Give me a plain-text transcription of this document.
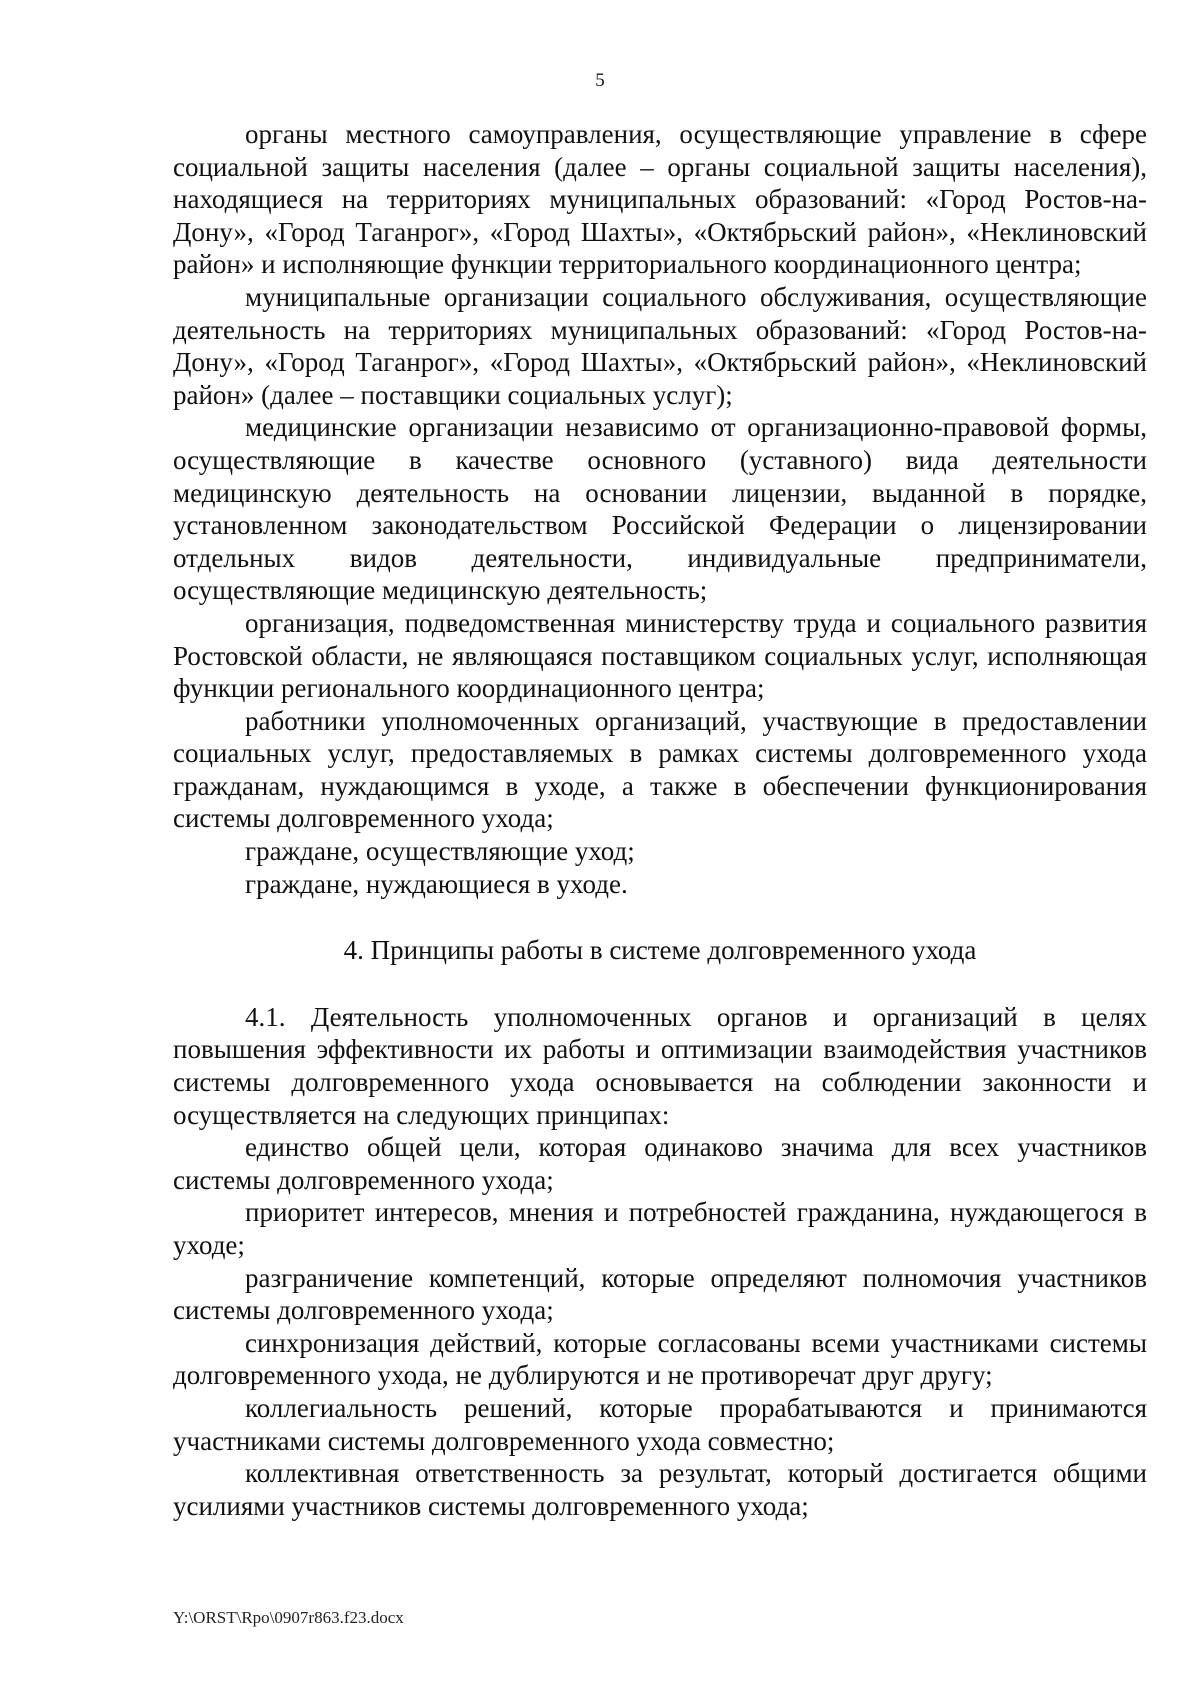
5

органы местного самоуправления, осуществляющие управление в сфере социальной защиты населения (далее – органы социальной защиты населения), находящиеся на территориях муниципальных образований: «Город Ростов-на-Дону», «Город Таганрог», «Город Шахты», «Октябрьский район», «Неклиновский район» и исполняющие функции территориального координационного центра;

муниципальные организации социального обслуживания, осуществляющие деятельность на территориях муниципальных образований: «Город Ростов-на-Дону», «Город Таганрог», «Город Шахты», «Октябрьский район», «Неклиновский район» (далее – поставщики социальных услуг);

медицинские организации независимо от организационно-правовой формы, осуществляющие в качестве основного (уставного) вида деятельности медицинскую деятельность на основании лицензии, выданной в порядке, установленном законодательством Российской Федерации о лицензировании отдельных видов деятельности, индивидуальные предприниматели, осуществляющие медицинскую деятельность;

организация, подведомственная министерству труда и социального развития Ростовской области, не являющаяся поставщиком социальных услуг, исполняющая функции регионального координационного центра;

работники уполномоченных организаций, участвующие в предоставлении социальных услуг, предоставляемых в рамках системы долговременного ухода гражданам, нуждающимся в уходе, а также в обеспечении функционирования системы долговременного ухода;

граждане, осуществляющие уход;

граждане, нуждающиеся в уходе.

4. Принципы работы в системе долговременного ухода

4.1. Деятельность уполномоченных органов и организаций в целях повышения эффективности их работы и оптимизации взаимодействия участников системы долговременного ухода основывается на соблюдении законности и осуществляется на следующих принципах:

единство общей цели, которая одинаково значима для всех участников системы долговременного ухода;

приоритет интересов, мнения и потребностей гражданина, нуждающегося в уходе;

разграничение компетенций, которые определяют полномочия участников системы долговременного ухода;

синхронизация действий, которые согласованы всеми участниками системы долговременного ухода, не дублируются и не противоречат друг другу;

коллегиальность решений, которые прорабатываются и принимаются участниками системы долговременного ухода совместно;

коллективная ответственность за результат, который достигается общими усилиями участников системы долговременного ухода;

Y:\ORST\Rpo\0907r863.f23.docx
